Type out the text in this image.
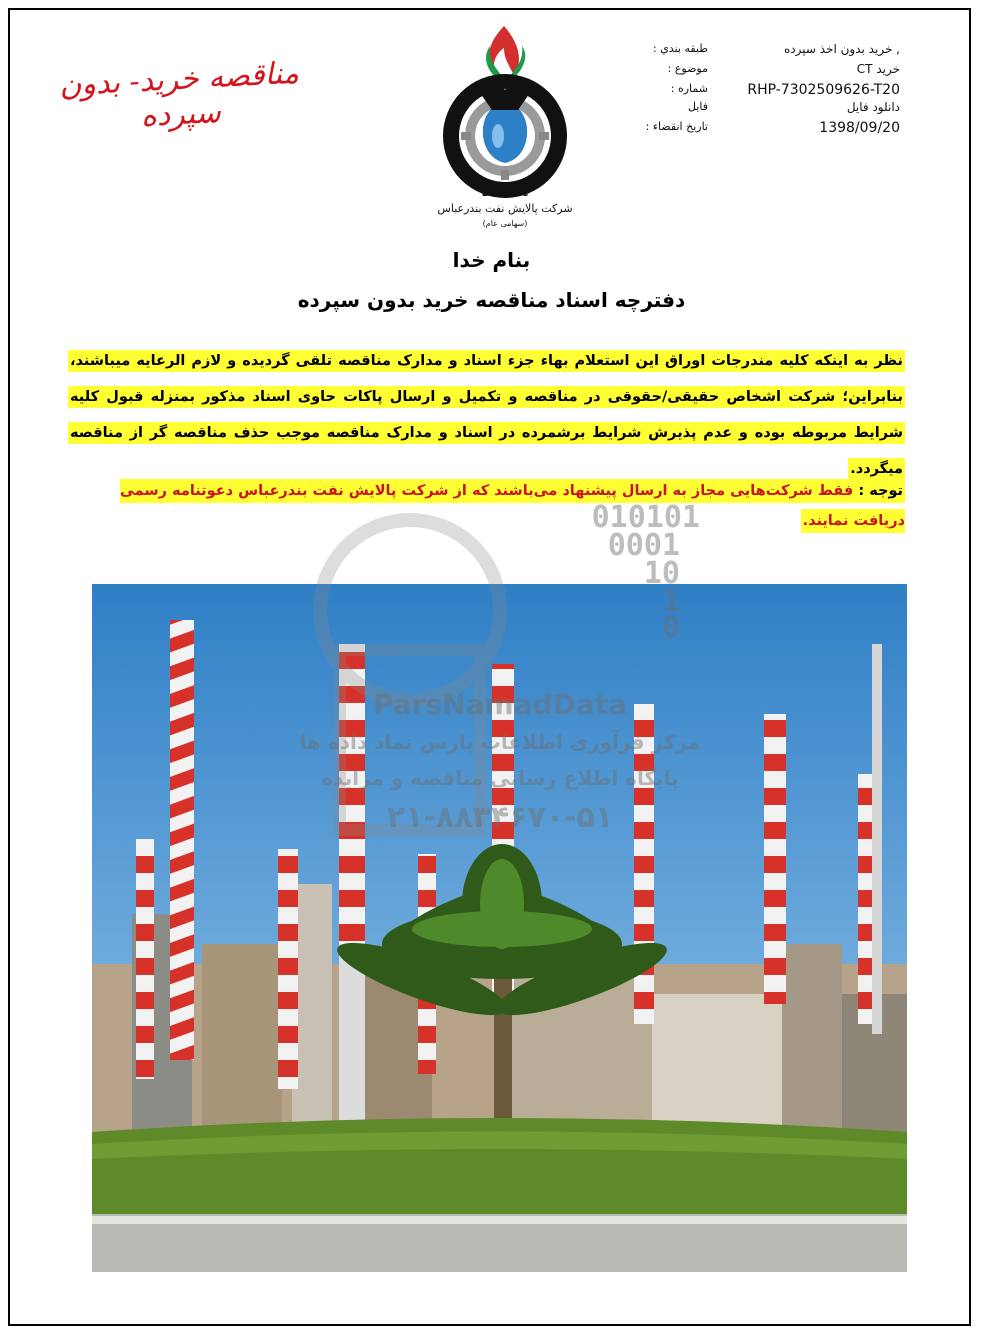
مناقصه خرید- بدون سپرده
B.O.R.C
شرکت پالایش نفت بندرعباس
(سهامی عام)
طبقه بندي :	, خريد بدون اخذ سپرده
موضوع :	خريد CT
شماره :	RHP-7302509626-T20
فايل	دانلود فايل
تاريخ انقضاء :	1398/09/20
بنام خدا
دفترچه اسناد مناقصه خرید بدون سپرده
نظر به اینکه کلیه مندرجات اوراق این استعلام بهاء جزء اسناد و مدارک مناقصه تلقی گردیده و لازم الرعایه میباشند، بنابراین؛ شرکت اشخاص حقیقی/حقوقی در مناقصه و تکمیل و ارسال پاکات حاوی اسناد مذکور بمنزله قبول کلیه شرایط مربوطه بوده و عدم پذیرش شرایط برشمرده در اسناد و مدارک مناقصه موجب حذف مناقصه گر از مناقصه میگردد.
توجه : فقط شرکت‌هایی مجاز به ارسال پیشنهاد می‌باشند که از شرکت پالایش نفت بندرعباس دعوتنامه رسمی دریافت نمایند.
010101
0001
10
1
0
ParsNamadData
مرکز فرآوری اطلاعات پارس نماد داده ها
پایگاه اطلاع رسانی مناقصه و مزایده
۲۱-۸۸۳۴۶۷۰-۵۱
